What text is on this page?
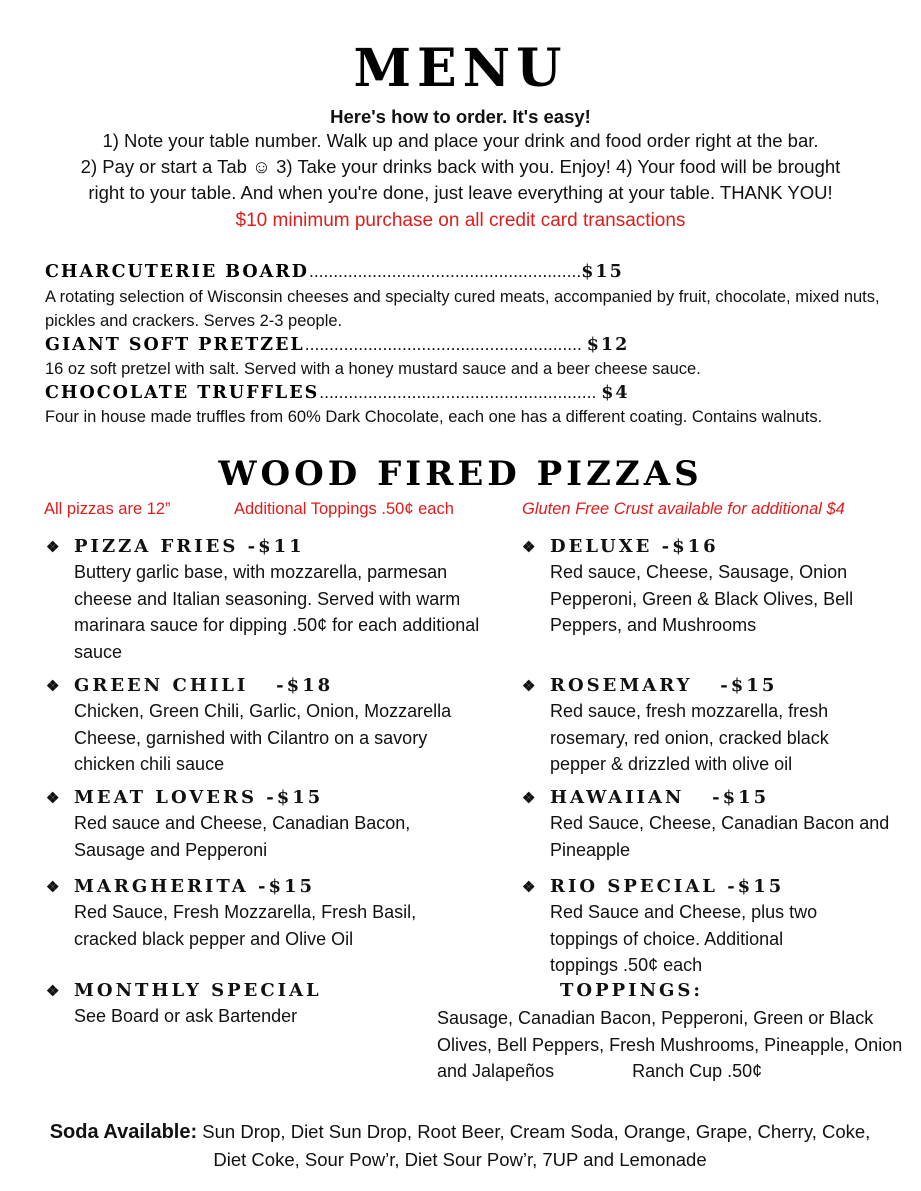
MENU
Here's how to order. It's easy!
1) Note your table number. Walk up and place your drink and food order right at the bar.
2) Pay or start a Tab ☺ 3) Take your drinks back with you. Enjoy! 4) Your food will be brought
right to your table. And when you're done, just leave everything at your table. THANK YOU!
$10 minimum purchase on all credit card transactions
CHARCUTERIE BOARD........................................................$15
A rotating selection of Wisconsin cheeses and specialty cured meats, accompanied by fruit, chocolate, mixed nuts, pickles and crackers. Serves 2-3 people.
GIANT SOFT PRETZEL......................................................... $12
16 oz soft pretzel with salt. Served with a honey mustard sauce and a beer cheese sauce.
CHOCOLATE TRUFFLES......................................................... $4
Four in house made truffles from 60% Dark Chocolate, each one has a different coating. Contains walnuts.
WOOD FIRED PIZZAS
All pizzas are 12”	Additional Toppings .50¢ each	Gluten Free Crust available for additional $4
❖ PIZZA FRIES -$11
Buttery garlic base, with mozzarella, parmesan cheese and Italian seasoning. Served with warm marinara sauce for dipping .50¢ for each additional sauce
❖ GREEN CHILI   -$18
Chicken, Green Chili, Garlic, Onion, Mozzarella Cheese, garnished with Cilantro on a savory chicken chili sauce
❖ MEAT LOVERS -$15
Red sauce and Cheese, Canadian Bacon, Sausage and Pepperoni
❖ MARGHERITA -$15
Red Sauce, Fresh Mozzarella, Fresh Basil, cracked black pepper and Olive Oil
❖ MONTHLY SPECIAL
See Board or ask Bartender
❖ DELUXE -$16
Red sauce, Cheese, Sausage, Onion Pepperoni, Green & Black Olives, Bell Peppers, and Mushrooms
❖ ROSEMARY   -$15
Red sauce, fresh mozzarella, fresh rosemary, red onion, cracked black pepper & drizzled with olive oil
❖ HAWAIIAN   -$15
Red Sauce, Cheese, Canadian Bacon and Pineapple
❖ RIO SPECIAL -$15
Red Sauce and Cheese, plus two toppings of choice. Additional toppings .50¢ each
TOPPINGS:
Sausage, Canadian Bacon, Pepperoni, Green or Black Olives, Bell Peppers, Fresh Mushrooms, Pineapple, Onion and Jalapeños	Ranch Cup .50¢
Soda Available: Sun Drop, Diet Sun Drop, Root Beer, Cream Soda, Orange, Grape, Cherry, Coke, Diet Coke, Sour Pow’r, Diet Sour Pow’r, 7UP and Lemonade
